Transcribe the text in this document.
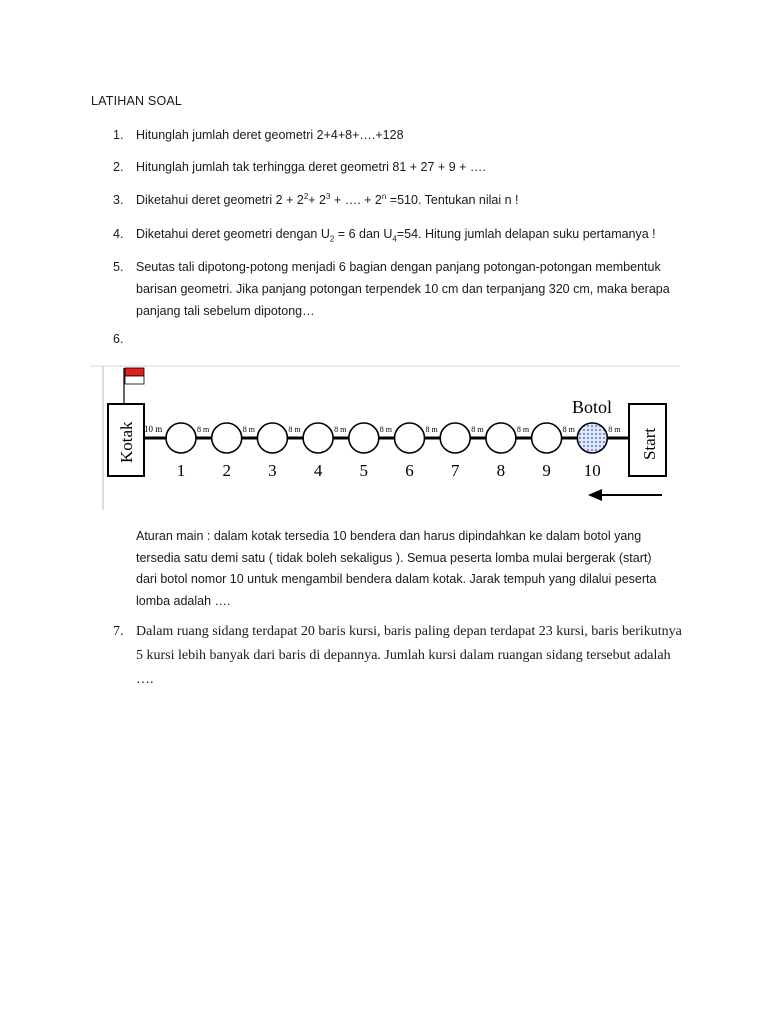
LATIHAN SOAL
1.	Hitunglah jumlah deret geometri 2+4+8+….+128
2.	Hitunglah jumlah tak terhingga deret geometri 81 + 27 + 9 + ….
3.	Diketahui deret geometri $2 + 2^2+ 2^3$ + …. + $2^n =510$. Tentukan nilai n !
4.	Diketahui deret geometri dengan $U_2 = 6$ dan $U_4=54$. Hitung jumlah delapan suku pertamanya !
5.	Seutas tali dipotong-potong menjadi 6 bagian dengan panjang potongan-potongan membentuk
barisan geometri. Jika panjang potongan terpendek 10 cm dan terpanjang 320 cm, maka berapa
panjang tali sebelum dipotong…
6.
Kotak	Start
10 m
Botol
1
8 m
2
8 m
3
8 m
4
8 m
5
8 m
6
8 m
7
8 m
8
8 m
9
8 m
10
8 m
Aturan main : dalam kotak tersedia 10 bendera dan harus dipindahkan ke dalam botol yang
tersedia satu demi satu ( tidak boleh sekaligus ). Semua peserta lomba mulai bergerak (start)
dari botol nomor 10 untuk mengambil bendera dalam kotak. Jarak tempuh yang dilalui peserta
lomba adalah ….
7. Dalam ruang sidang terdapat 20 baris kursi, baris paling depan terdapat 23 kursi, baris berikutnya
5 kursi lebih banyak dari baris di depannya. Jumlah kursi dalam ruangan sidang tersebut adalah
….
